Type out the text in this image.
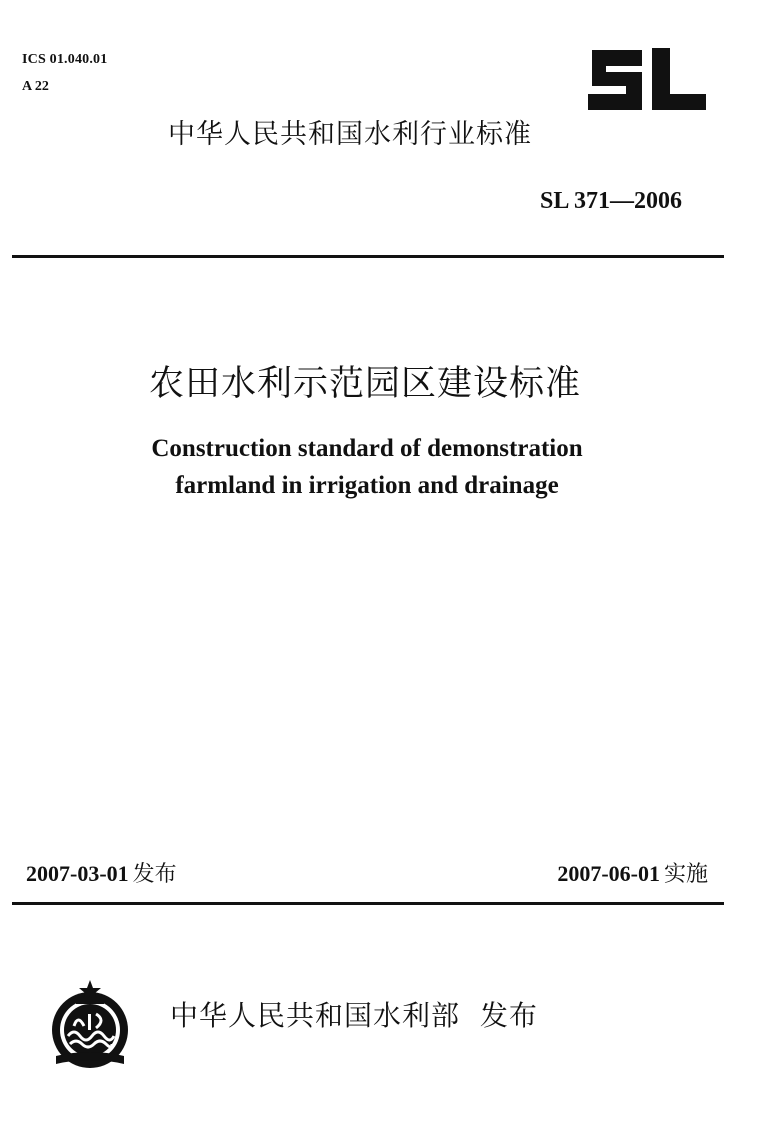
ICS 01.040.01
A 22
中华人民共和国水利行业标准
SL 371—2006
农田水利示范园区建设标准
Construction standard of demonstration
farmland in irrigation and drainage
2007-03-01 发布	2007-06-01 实施
中华人民共和国水利部 发布
